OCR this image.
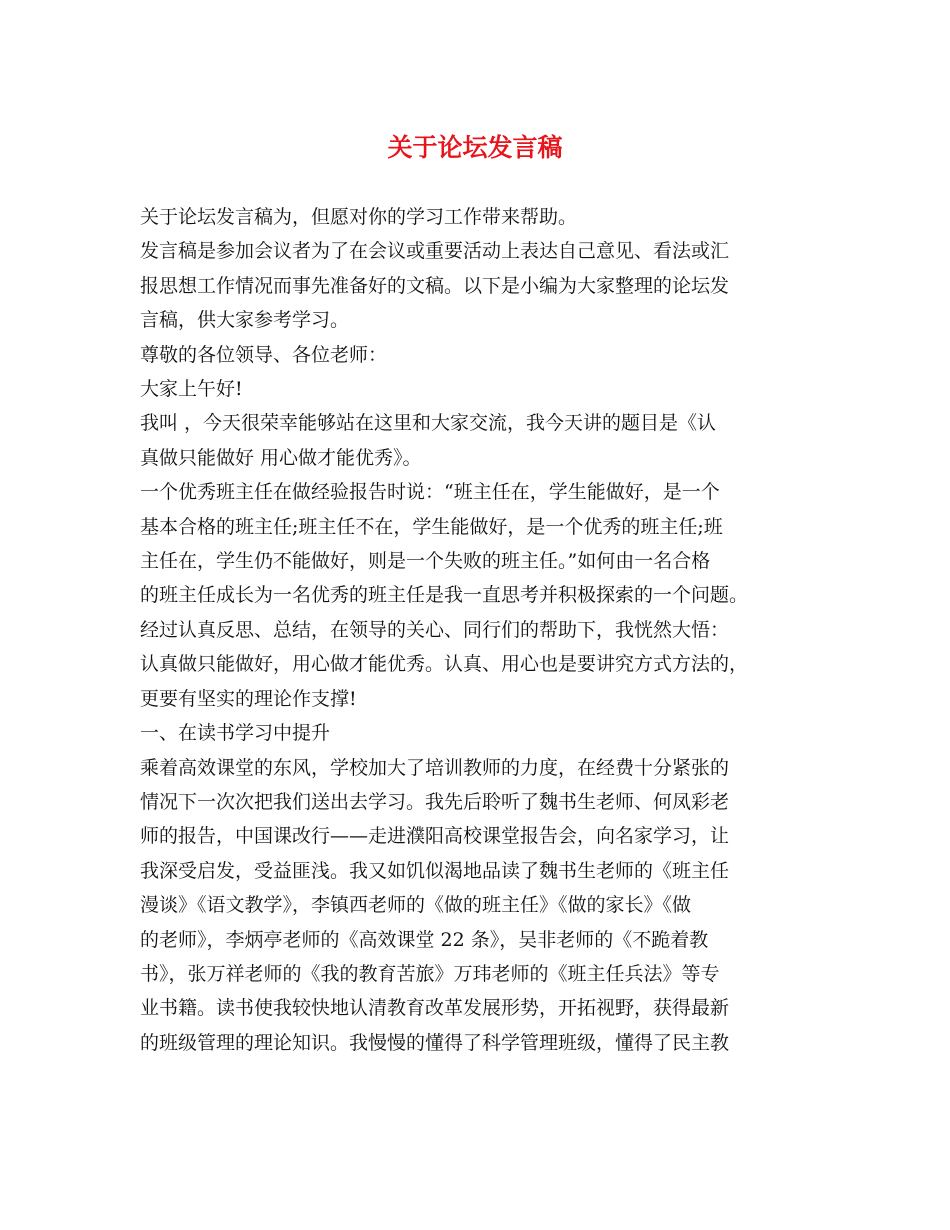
关于论坛发言稿

关于论坛发言稿为，但愿对你的学习工作带来帮助。

发言稿是参加会议者为了在会议或重要活动上表达自己意见、看法或汇

报思想工作情况而事先准备好的文稿。以下是小编为大家整理的论坛发

言稿，供大家参考学习。

尊敬的各位领导、各位老师：

大家上午好!

我叫 ，今天很荣幸能够站在这里和大家交流，我今天讲的题目是《认

真做只能做好 用心做才能优秀》。

一个优秀班主任在做经验报告时说：“班主任在，学生能做好，是一个

基本合格的班主任;班主任不在，学生能做好，是一个优秀的班主任;班

主任在，学生仍不能做好，则是一个失败的班主任。”如何由一名合格

的班主任成长为一名优秀的班主任是我一直思考并积极探索的一个问题。

经过认真反思、总结，在领导的关心、同行们的帮助下，我恍然大悟：

认真做只能做好，用心做才能优秀。认真、用心也是要讲究方式方法的，

更要有坚实的理论作支撑!

一、在读书学习中提升

乘着高效课堂的东风，学校加大了培训教师的力度，在经费十分紧张的

情况下一次次把我们送出去学习。我先后聆听了魏书生老师、何凤彩老

师的报告，中国课改行——走进濮阳高校课堂报告会，向名家学习，让

我深受启发，受益匪浅。我又如饥似渴地品读了魏书生老师的《班主任

漫谈》《语文教学》，李镇西老师的《做的班主任》《做的家长》《做

的老师》，李炳亭老师的《高效课堂 22 条》，吴非老师的《不跪着教

书》，张万祥老师的《我的教育苦旅》万玮老师的《班主任兵法》等专

业书籍。读书使我较快地认清教育改革发展形势，开拓视野，获得最新

的班级管理的理论知识。我慢慢的懂得了科学管理班级，懂得了民主教
